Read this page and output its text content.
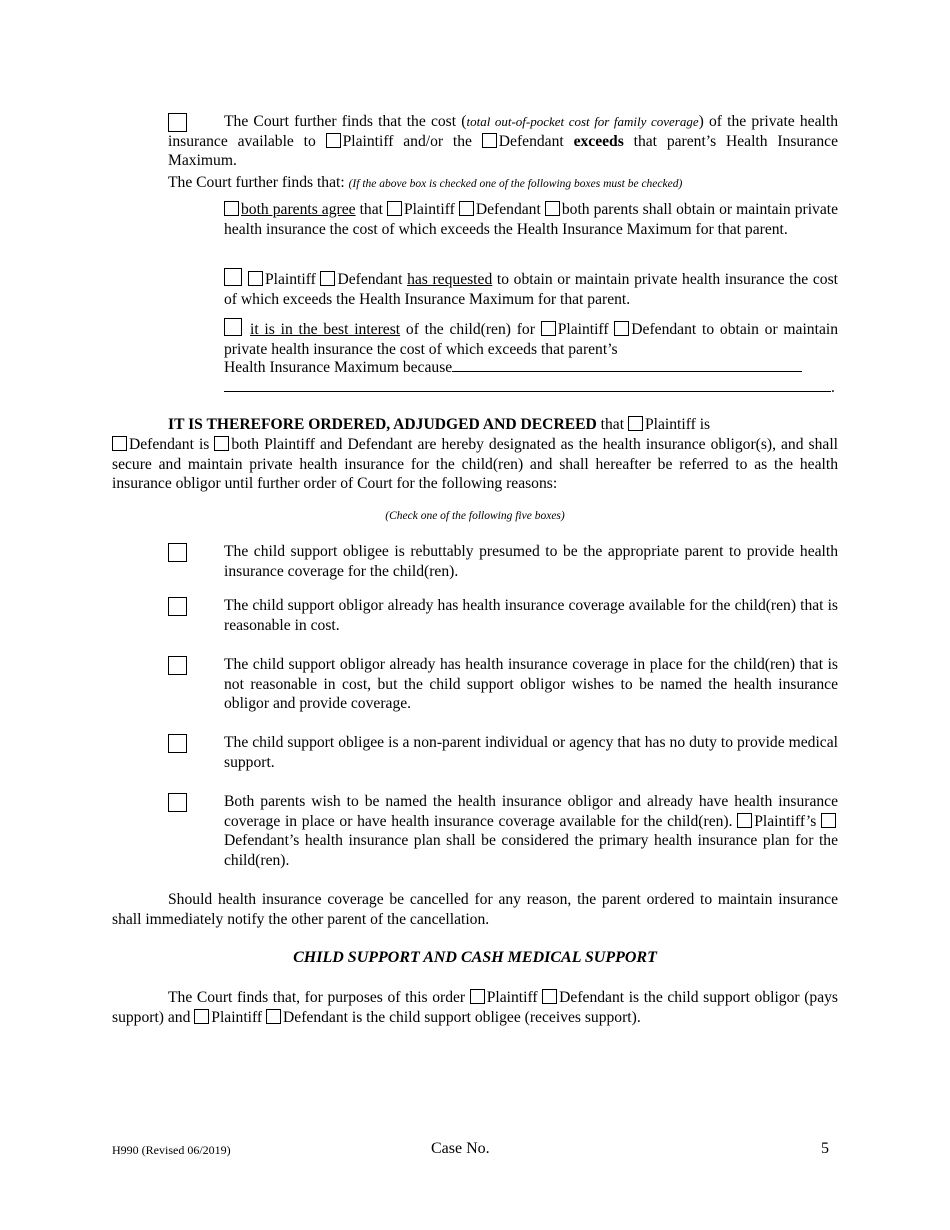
The Court further finds that the cost (total out-of-pocket cost for family coverage) of the private health insurance available to Plaintiff and/or the Defendant exceeds that parent’s Health Insurance Maximum.
The Court further finds that: (If the above box is checked one of the following boxes must be checked)
both parents agree that Plaintiff Defendant both parents shall obtain or maintain private health insurance the cost of which exceeds the Health Insurance Maximum for that parent.
Plaintiff Defendant has requested to obtain or maintain private health insurance the cost of which exceeds the Health Insurance Maximum for that parent.
it is in the best interest of the child(ren) for Plaintiff Defendant to obtain or maintain private health insurance the cost of which exceeds that parent’s
Health Insurance Maximum because
.
IT IS THEREFORE ORDERED, ADJUDGED AND DECREED that Plaintiff is
Defendant is both Plaintiff and Defendant are hereby designated as the health insurance obligor(s), and shall secure and maintain private health insurance for the child(ren) and shall hereafter be referred to as the health insurance obligor until further order of Court for the following reasons:
(Check one of the following five boxes)
The child support obligee is rebuttably presumed to be the appropriate parent to provide health insurance coverage for the child(ren).
The child support obligor already has health insurance coverage available for the child(ren) that is reasonable in cost.
The child support obligor already has health insurance coverage in place for the child(ren) that is not reasonable in cost, but the child support obligor wishes to be named the health insurance obligor and provide coverage.
The child support obligee is a non-parent individual or agency that has no duty to provide medical support.
Both parents wish to be named the health insurance obligor and already have health insurance coverage in place or have health insurance coverage available for the child(ren). Plaintiff’s Defendant’s health insurance plan shall be considered the primary health insurance plan for the child(ren).
Should health insurance coverage be cancelled for any reason, the parent ordered to maintain insurance shall immediately notify the other parent of the cancellation.
CHILD SUPPORT AND CASH MEDICAL SUPPORT
The Court finds that, for purposes of this order Plaintiff Defendant is the child support obligor (pays support) and Plaintiff Defendant is the child support obligee (receives support).
H990 (Revised 06/2019)	Case No.	5
